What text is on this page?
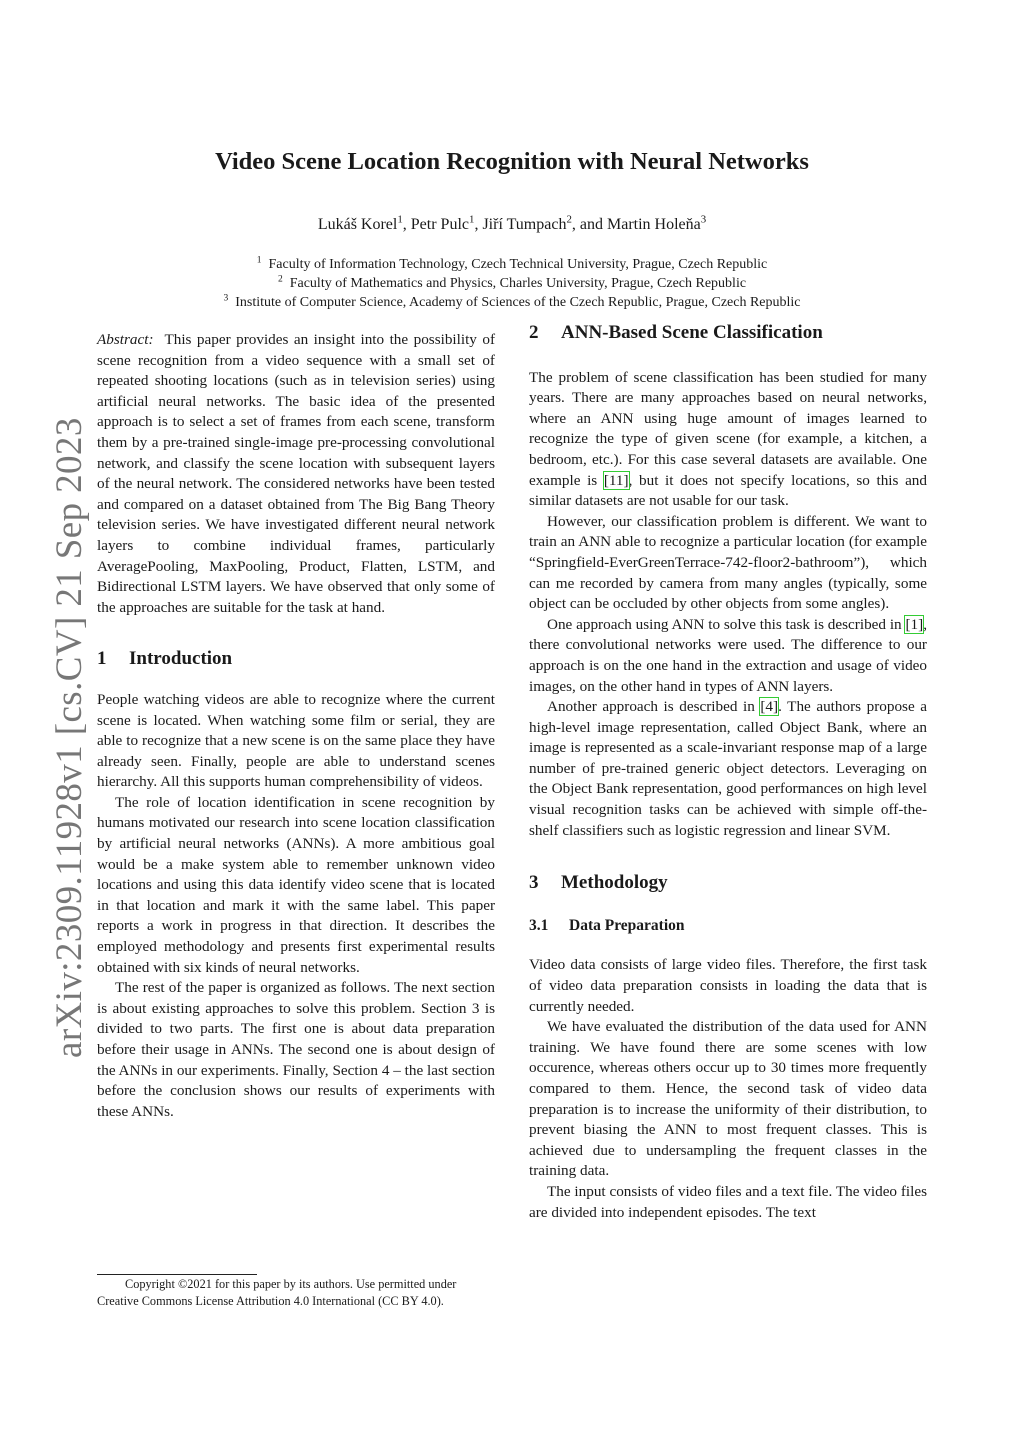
arXiv:2309.11928v1 [cs.CV] 21 Sep 2023
Video Scene Location Recognition with Neural Networks
Lukáš Korel$^1$, Petr Pulc$^1$, Jiří Tumpach$^2$, and Martin Holeňa$^3$
$^1$ Faculty of Information Technology, Czech Technical University, Prague, Czech Republic
$^2$ Faculty of Mathematics and Physics, Charles University, Prague, Czech Republic
$^3$ Institute of Computer Science, Academy of Sciences of the Czech Republic, Prague, Czech Republic

Abstract: This paper provides an insight into the possibility of scene recognition from a video sequence with a small set of repeated shooting locations (such as in television series) using artificial neural networks. The basic idea of the presented approach is to select a set of frames from each scene, transform them by a pre-trained single-image pre-processing convolutional network, and classify the scene location with subsequent layers of the neural network. The considered networks have been tested and compared on a dataset obtained from The Big Bang Theory television series. We have investigated different neural network layers to combine individual frames, particularly AveragePooling, MaxPooling, Product, Flatten, LSTM, and Bidirectional LSTM layers. We have observed that only some of the approaches are suitable for the task at hand.

1 Introduction

People watching videos are able to recognize where the current scene is located. When watching some film or serial, they are able to recognize that a new scene is on the same place they have already seen. Finally, people are able to understand scenes hierarchy. All this supports human comprehensibility of videos.

The role of location identification in scene recognition by humans motivated our research into scene location classification by artificial neural networks (ANNs). A more ambitious goal would be a make system able to remember unknown video locations and using this data identify video scene that is located in that location and mark it with the same label. This paper reports a work in progress in that direction. It describes the employed methodology and presents first experimental results obtained with six kinds of neural networks.

The rest of the paper is organized as follows. The next section is about existing approaches to solve this problem. Section 3 is divided to two parts. The first one is about data preparation before their usage in ANNs. The second one is about design of the ANNs in our experiments. Finally, Section 4 – the last section before the conclusion shows our results of experiments with these ANNs.

Copyright ©2021 for this paper by its authors. Use permitted under
Creative Commons License Attribution 4.0 International (CC BY 4.0).
2 ANN-Based Scene Classification

The problem of scene classification has been studied for many years. There are many approaches based on neural networks, where an ANN using huge amount of images learned to recognize the type of given scene (for example, a kitchen, a bedroom, etc.). For this case several datasets are available. One example is [11], but it does not specify locations, so this and similar datasets are not usable for our task.

However, our classification problem is different. We want to train an ANN able to recognize a particular location (for example “Springfield-EverGreenTerrace-742-floor2-bathroom”), which can me recorded by camera from many angles (typically, some object can be occluded by other objects from some angles).

One approach using ANN to solve this task is described in [1], there convolutional networks were used. The difference to our approach is on the one hand in the extraction and usage of video images, on the other hand in types of ANN layers.

Another approach is described in [4]. The authors propose a high-level image representation, called Object Bank, where an image is represented as a scale-invariant response map of a large number of pre-trained generic object detectors. Leveraging on the Object Bank representation, good performances on high level visual recognition tasks can be achieved with simple off-the-shelf classifiers such as logistic regression and linear SVM.

3 Methodology
3.1 Data Preparation

Video data consists of large video files. Therefore, the first task of video data preparation consists in loading the data that is currently needed.

We have evaluated the distribution of the data used for ANN training. We have found there are some scenes with low occurence, whereas others occur up to 30 times more frequently compared to them. Hence, the second task of video data preparation is to increase the uniformity of their distribution, to prevent biasing the ANN to most frequent classes. This is achieved due to undersampling the frequent classes in the training data.

The input consists of video files and a text file. The video files are divided into independent episodes. The text
